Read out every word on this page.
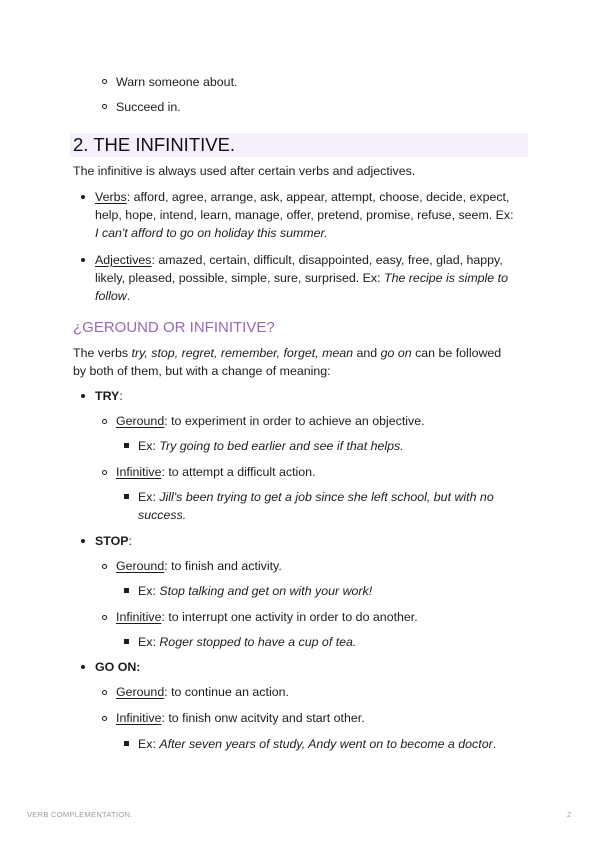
Warn someone about.
Succeed in.
2. THE INFINITIVE.
The infinitive is always used after certain verbs and adjectives.
Verbs: afford, agree, arrange, ask, appear, attempt, choose, decide, expect,
help, hope, intend, learn, manage, offer, pretend, promise, refuse, seem. Ex:
I can't afford to go on holiday this summer.
Adjectives: amazed, certain, difficult, disappointed, easy, free, glad, happy,
likely, pleased, possible, simple, sure, surprised. Ex: The recipe is simple to
follow.
¿GEROUND OR INFINITIVE?
The verbs try, stop, regret, remember, forget, mean and go on can be followed
by both of them, but with a change of meaning:
TRY:
Geround: to experiment in order to achieve an objective.
Ex: Try going to bed earlier and see if that helps.
Infinitive: to attempt a difficult action.
Ex: Jill's been trying to get a job since she left school, but with no
success.
STOP:
Geround: to finish and activity.
Ex: Stop talking and get on with your work!
Infinitive: to interrupt one activity in order to do another.
Ex: Roger stopped to have a cup of tea.
GO ON:
Geround: to continue an action.
Infinitive: to finish onw acitvity and start other.
Ex: After seven years of study, Andy went on to become a doctor.
VERB COMPLEMENTATION.	2
